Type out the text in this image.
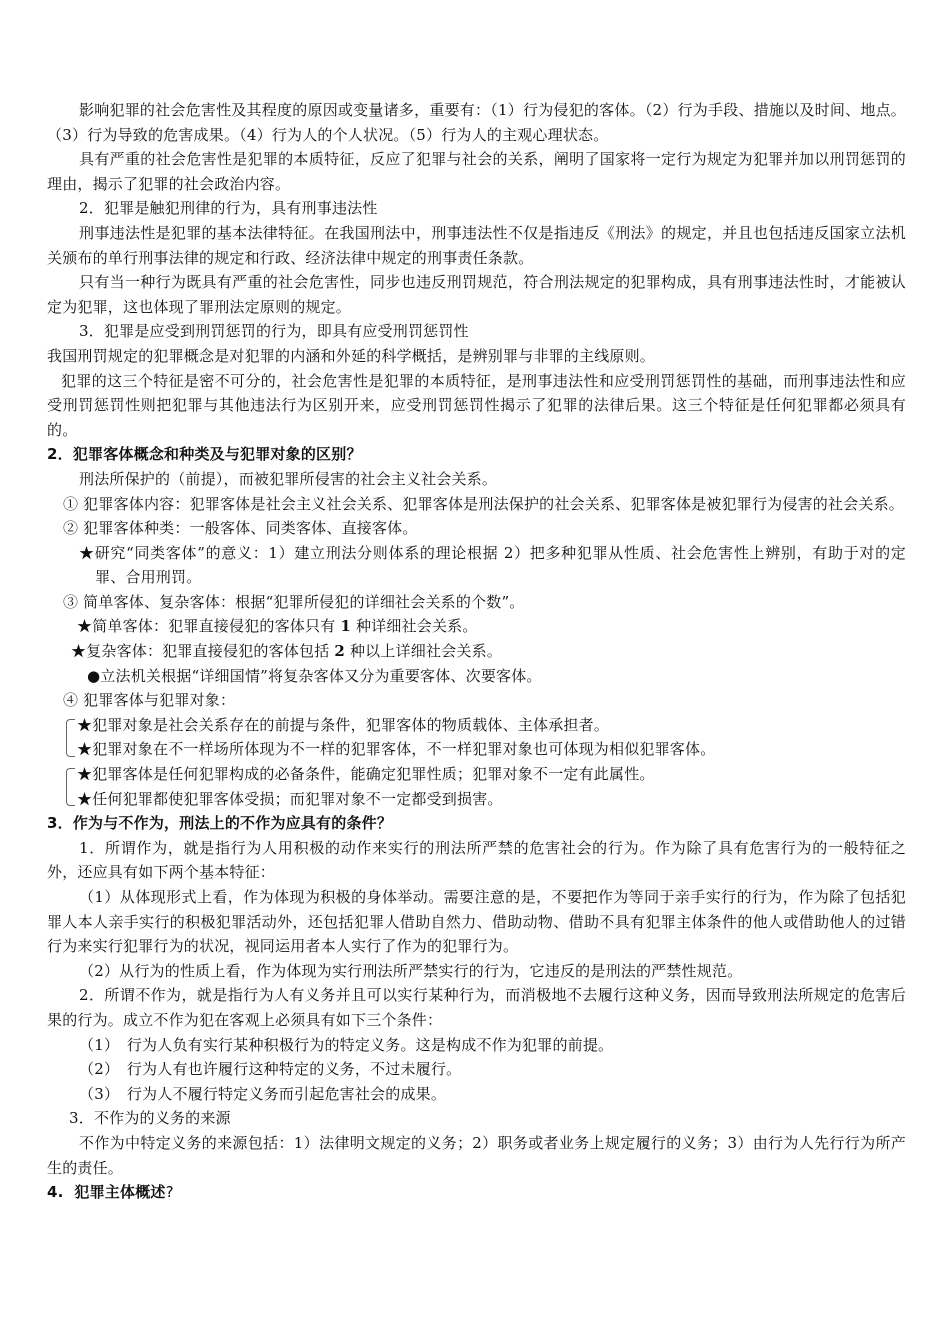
影响犯罪的社会危害性及其程度的原因或变量诸多，重要有：（1）行为侵犯的客体。（2）行为手段、措施以及时间、地点。（3）行为导致的危害成果。（4）行为人的个人状况。（5）行为人的主观心理状态。

具有严重的社会危害性是犯罪的本质特征，反应了犯罪与社会的关系，阐明了国家将一定行为规定为犯罪并加以刑罚惩罚的理由，揭示了犯罪的社会政治内容。

2．犯罪是触犯刑律的行为，具有刑事违法性

刑事违法性是犯罪的基本法律特征。在我国刑法中，刑事违法性不仅是指违反《刑法》的规定，并且也包括违反国家立法机关颁布的单行刑事法律的规定和行政、经济法律中规定的刑事责任条款。

只有当一种行为既具有严重的社会危害性，同步也违反刑罚规范，符合刑法规定的犯罪构成，具有刑事违法性时，才能被认定为犯罪，这也体现了罪刑法定原则的规定。

3．犯罪是应受到刑罚惩罚的行为，即具有应受刑罚惩罚性

我国刑罚规定的犯罪概念是对犯罪的内涵和外延的科学概括，是辨别罪与非罪的主线原则。

犯罪的这三个特征是密不可分的，社会危害性是犯罪的本质特征，是刑事违法性和应受刑罚惩罚性的基础，而刑事违法性和应受刑罚惩罚性则把犯罪与其他违法行为区别开来，应受刑罚惩罚性揭示了犯罪的法律后果。这三个特征是任何犯罪都必须具有的。

2．犯罪客体概念和种类及与犯罪对象的区别？

刑法所保护的（前提），而被犯罪所侵害的社会主义社会关系。

① 犯罪客体内容：犯罪客体是社会主义社会关系、犯罪客体是刑法保护的社会关系、犯罪客体是被犯罪行为侵害的社会关系。

② 犯罪客体种类：一般客体、同类客体、直接客体。

★研究“同类客体”的意义：1）建立刑法分则体系的理论根据 2）把多种犯罪从性质、社会危害性上辨别，有助于对的定罪、合用刑罚。

③ 简单客体、复杂客体：根据“犯罪所侵犯的详细社会关系的个数”。

★简单客体：犯罪直接侵犯的客体只有 1 种详细社会关系。

★复杂客体：犯罪直接侵犯的客体包括 2 种以上详细社会关系。

●立法机关根据“详细国情”将复杂客体又分为重要客体、次要客体。

④ 犯罪客体与犯罪对象：

★犯罪对象是社会关系存在的前提与条件，犯罪客体的物质载体、主体承担者。

★犯罪对象在不一样场所体现为不一样的犯罪客体，不一样犯罪对象也可体现为相似犯罪客体。

★犯罪客体是任何犯罪构成的必备条件，能确定犯罪性质；犯罪对象不一定有此属性。

★任何犯罪都使犯罪客体受损；而犯罪对象不一定都受到损害。

3．作为与不作为，刑法上的不作为应具有的条件？

1．所谓作为，就是指行为人用积极的动作来实行的刑法所严禁的危害社会的行为。作为除了具有危害行为的一般特征之外，还应具有如下两个基本特征：

（1）从体现形式上看，作为体现为积极的身体举动。需要注意的是，不要把作为等同于亲手实行的行为，作为除了包括犯罪人本人亲手实行的积极犯罪活动外，还包括犯罪人借助自然力、借助动物、借助不具有犯罪主体条件的他人或借助他人的过错行为来实行犯罪行为的状况，视同运用者本人实行了作为的犯罪行为。

（2）从行为的性质上看，作为体现为实行刑法所严禁实行的行为，它违反的是刑法的严禁性规范。

2．所谓不作为，就是指行为人有义务并且可以实行某种行为，而消极地不去履行这种义务，因而导致刑法所规定的危害后果的行为。成立不作为犯在客观上必须具有如下三个条件：

（1）　行为人负有实行某种积极行为的特定义务。这是构成不作为犯罪的前提。

（2）　行为人有也许履行这种特定的义务，不过未履行。

（3）　行为人不履行特定义务而引起危害社会的成果。

3．不作为的义务的来源

不作为中特定义务的来源包括：1）法律明文规定的义务；2）职务或者业务上规定履行的义务；3）由行为人先行行为所产生的责任。

4. 犯罪主体概述?
